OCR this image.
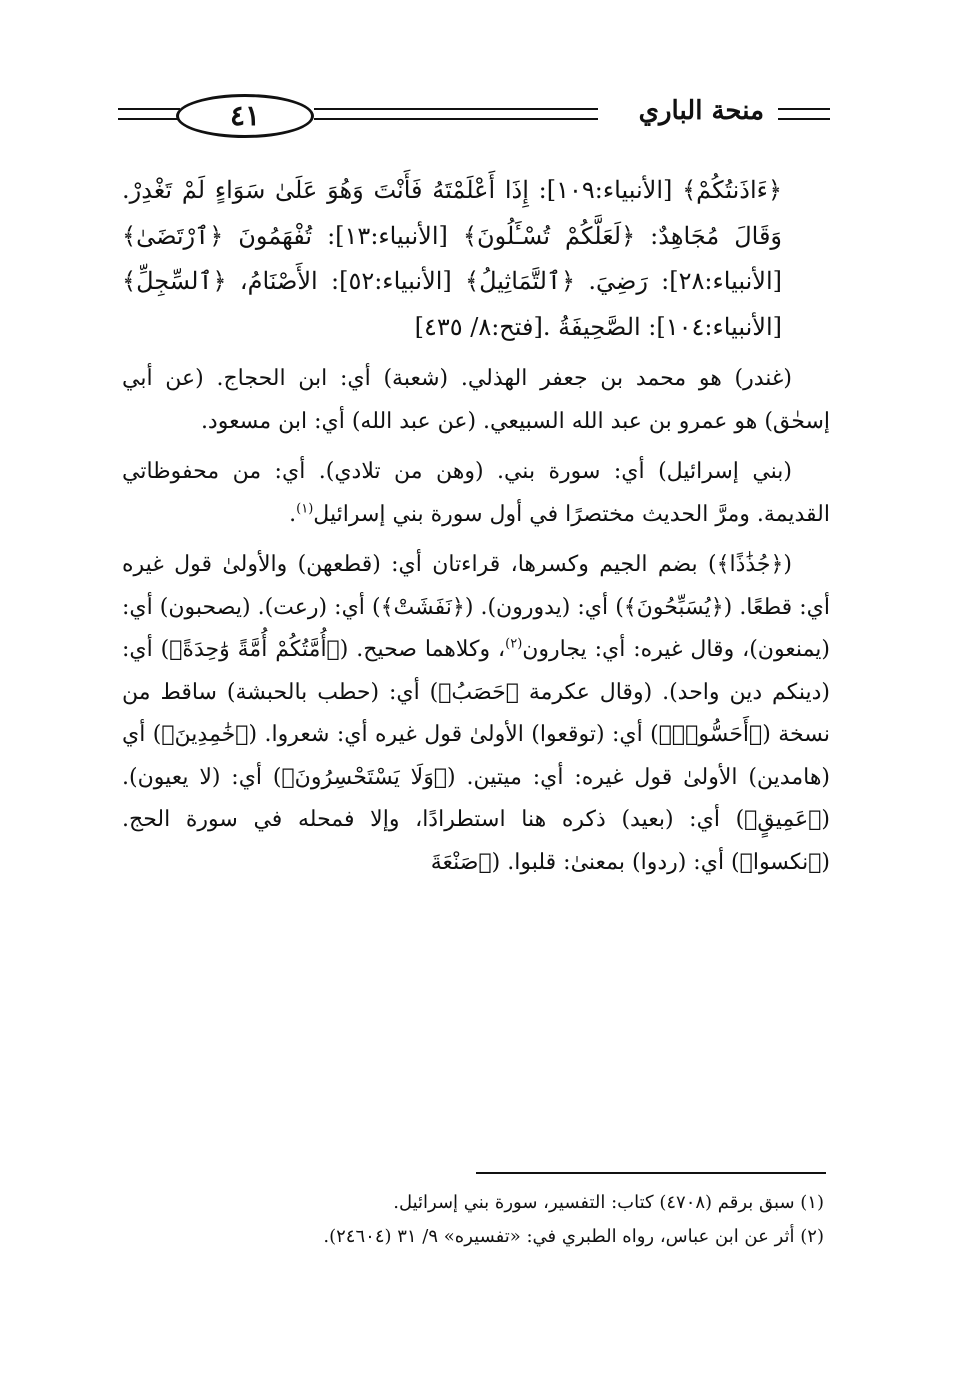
٤١	منحة الباري

﴿ءَاذَنتُكُمْ﴾ [الأنبياء:١٠٩]: إِذَا أَعْلَمْتَهُ فَأَنْتَ وَهُوَ عَلَىٰ سَوَاءٍ لَمْ تَغْدِرْ. وَقَالَ مُجَاهِدٌ: ﴿لَعَلَّكُمْ تُسْـَٔلُونَ﴾ [الأنبياء:١٣]: تُفْهَمُونَ ﴿ٱرْتَضَىٰ﴾ [الأنبياء:٢٨]: رَضِيَ. ﴿ٱلتَّمَاثِيلُ﴾ [الأنبياء:٥٢]: الأَصْنَامُ، ﴿ٱلسِّجِلِّ﴾ [الأنبياء:١٠٤]: الصَّحِيفَةُ .[فتح:٨/ ٤٣٥]

(غندر) هو محمد بن جعفر الهذلي. (شعبة) أي: ابن الحجاج. (عن أبي إسحٰق) هو عمرو بن عبد الله السبيعي. (عن عبد الله) أي: ابن مسعود.

(بني إسرائيل) أي: سورة بني. (وهن من تلادي). أي: من محفوظاتي القديمة. ومرَّ الحديث مختصرًا في أول سورة بني إسرائيل$^{(١)}$.

(﴿جُذَٰذًا﴾) بضم الجيم وكسرها، قراءتان أي: (قطعهن) والأولىٰ قول غيره أي: قطعًا. (﴿يُسَبِّحُونَ﴾) أي: (يدورون). (﴿نَفَشَتْ﴾) أي: (رعت). (يصحبون) أي: (يمنعون)، وقال غيره: أي: يجارون$^{(٢)}$، وكلاهما صحيح. (﴿أُمَّتُكُمْ أُمَّةً وَٰحِدَةً﴾) أي: (دينكم دين واحد). (وقال عكرمة ﴿حَصَبُ﴾) أي: (حطب بالحبشة) ساقط من نسخة (﴿أَحَسُّوا۟﴾) أي: (توقعوا) الأولىٰ قول غيره أي: شعروا. (﴿خَٰمِدِينَ﴾) أي (هامدين) الأولىٰ قول غيره: أي: ميتين. (﴿وَلَا يَسْتَحْسِرُونَ﴾) أي: (لا يعيون). (﴿عَمِيقٍ﴾) أي: (بعيد) ذكره هنا استطرادًا، وإلا فمحله في سورة الحج. (﴿نكسوا﴾) أي: (ردوا) بمعنىٰ: قلبوا. (﴿صَنْعَةَ

(١) سبق برقم (٤٧٠٨) كتاب: التفسير، سورة بني إسرائيل.

(٢) أثر عن ابن عباس، رواه الطبري في: «تفسيره» ٩/ ٣١ (٢٤٦٠٤).
